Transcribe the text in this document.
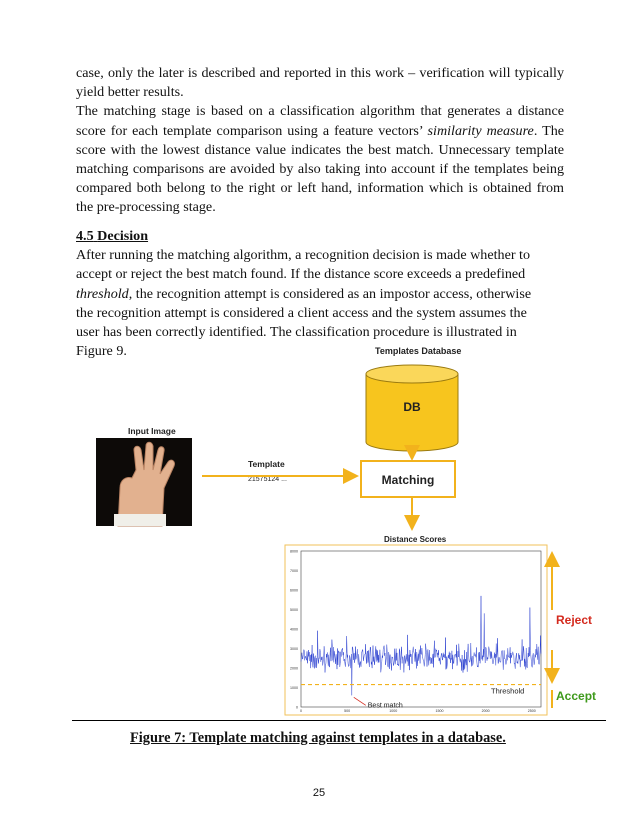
case, only the later is described and reported in this work – verification will typically yield better results.

The matching stage is based on a classification algorithm that generates a distance score for each template comparison using a feature vectors’ similarity measure. The score with the lowest distance value indicates the best match. Unnecessary template matching comparisons are avoided by also taking into account if the templates being compared both belong to the right or left hand, information which is obtained from the pre-processing stage.

4.5 Decision

After running the matching algorithm, a recognition decision is made whether to

accept or reject the best match found. If the distance score exceeds a predefined

threshold, the recognition attempt is considered as an impostor access, otherwise

the recognition attempt is considered a client access and the system assumes the

user has been correctly identified. The classification procedure is illustrated in

Figure 9.	Templates Database
DB
Input Image
Template
21575124 ...	Matching
Distance Scores
0
1000
2000
3000
4000
5000
6000
7000
8000
0	500	1000	1500	2000	2500
Threshold
Best match
Reject
Accept
Figure 7: Template matching against templates in a database.
25
